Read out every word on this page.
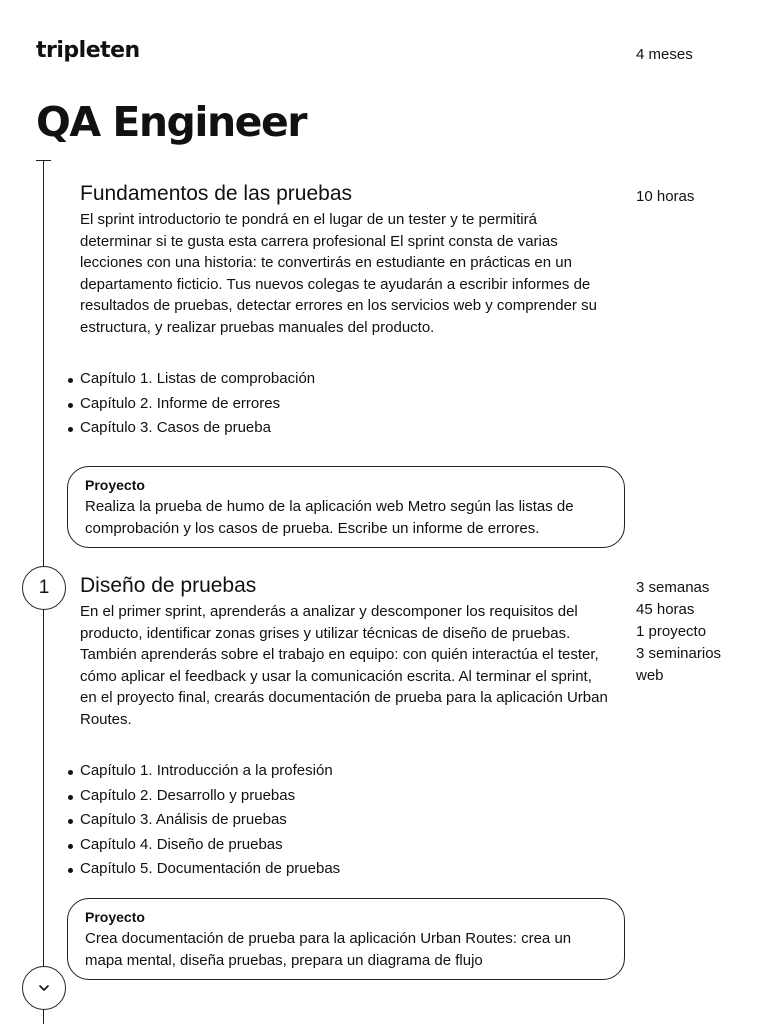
tripleten	4 meses
QA Engineer
Fundamentos de las pruebas	10 horas

El sprint introductorio te pondrá en el lugar de un tester y te permitirá determinar si te gusta esta carrera profesional El sprint consta de varias lecciones con una historia: te convertirás en estudiante en prácticas en un departamento ficticio. Tus nuevos colegas te ayudarán a escribir informes de resultados de pruebas, detectar errores en los servicios web y comprender su estructura, y realizar pruebas manuales del producto.

Capítulo 1. Listas de comprobación
Capítulo 2. Informe de errores
Capítulo 3. Casos de prueba
Proyecto
Realiza la prueba de humo de la aplicación web Metro según las listas de comprobación y los casos de prueba. Escribe un informe de errores.
1 Diseño de pruebas	3 semanas
45 horas
1 proyecto
3 seminarios web

En el primer sprint, aprenderás a analizar y descomponer los requisitos del producto, identificar zonas grises y utilizar técnicas de diseño de pruebas. También aprenderás sobre el trabajo en equipo: con quién interactúa el tester, cómo aplicar el feedback y usar la comunicación escrita. Al terminar el sprint, en el proyecto final, crearás documentación de prueba para la aplicación Urban Routes.

Capítulo 1. Introducción a la profesión
Capítulo 2. Desarrollo y pruebas
Capítulo 3. Análisis de pruebas
Capítulo 4. Diseño de pruebas
Capítulo 5. Documentación de pruebas
Proyecto
Crea documentación de prueba para la aplicación Urban Routes: crea un mapa mental, diseña pruebas, prepara un diagrama de flujo
